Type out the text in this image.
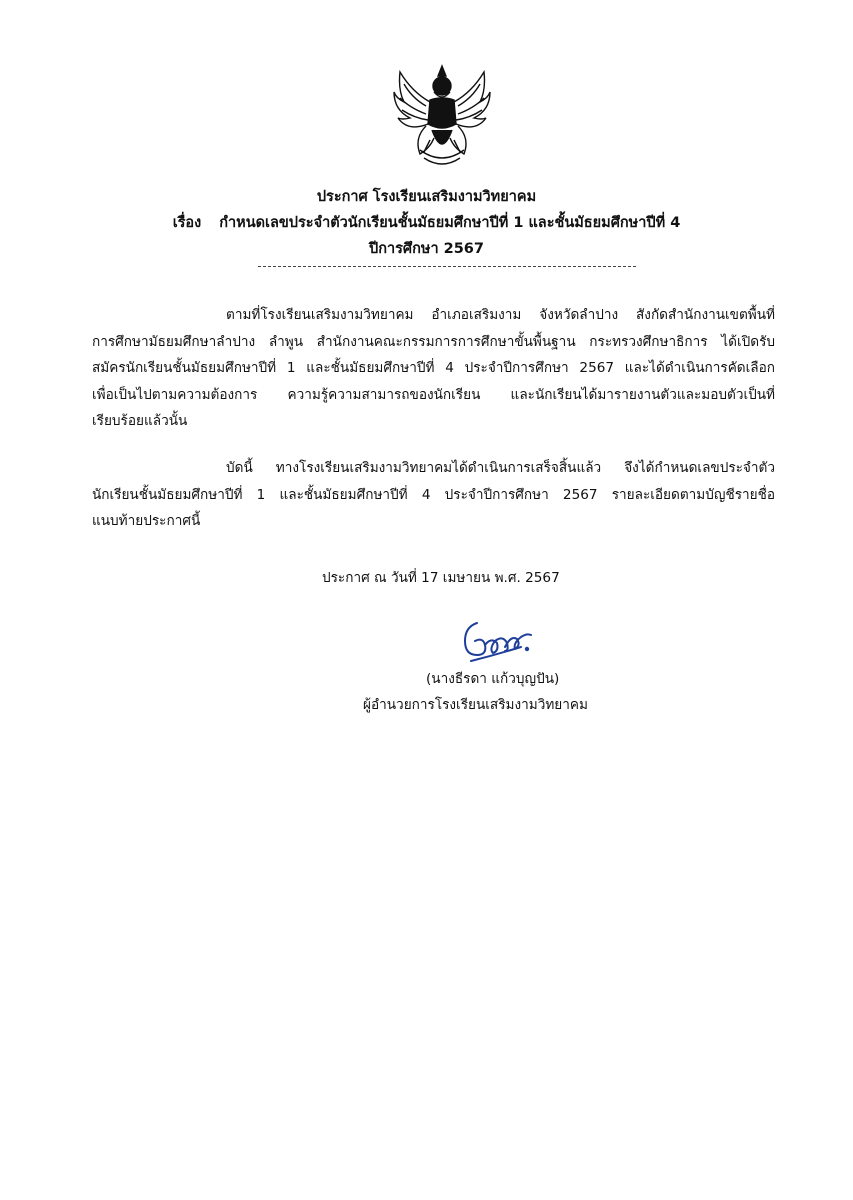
ประกาศ โรงเรียนเสริมงามวิทยาคม
เรื่อง กำหนดเลขประจำตัวนักเรียนชั้นมัธยมศึกษาปีที่ 1 และชั้นมัธยมศึกษาปีที่ 4
ปีการศึกษา 2567
ตามที่โรงเรียนเสริมงามวิทยาคม อำเภอเสริมงาม จังหวัดลำปาง สังกัดสำนักงานเขตพื้นที่
การศึกษามัธยมศึกษาลำปาง ลำพูน สำนักงานคณะกรรมการการศึกษาขั้นพื้นฐาน กระทรวงศึกษาธิการ ได้เปิดรับ
สมัครนักเรียนชั้นมัธยมศึกษาปีที่ 1 และชั้นมัธยมศึกษาปีที่ 4 ประจำปีการศึกษา 2567 และได้ดำเนินการคัดเลือก
เพื่อเป็นไปตามความต้องการ ความรู้ความสามารถของนักเรียน และนักเรียนได้มารายงานตัวและมอบตัวเป็นที่
เรียบร้อยแล้วนั้น
บัดนี้ ทางโรงเรียนเสริมงามวิทยาคมได้ดำเนินการเสร็จสิ้นแล้ว จึงได้กำหนดเลขประจำตัว
นักเรียนชั้นมัธยมศึกษาปีที่ 1 และชั้นมัธยมศึกษาปีที่ 4 ประจำปีการศึกษา 2567 รายละเอียดตามบัญชีรายชื่อ
แนบท้ายประกาศนี้
ประกาศ ณ วันที่ 17 เมษายน พ.ศ. 2567
(นางธีรดา แก้วบุญปัน)
ผู้อำนวยการโรงเรียนเสริมงามวิทยาคม
